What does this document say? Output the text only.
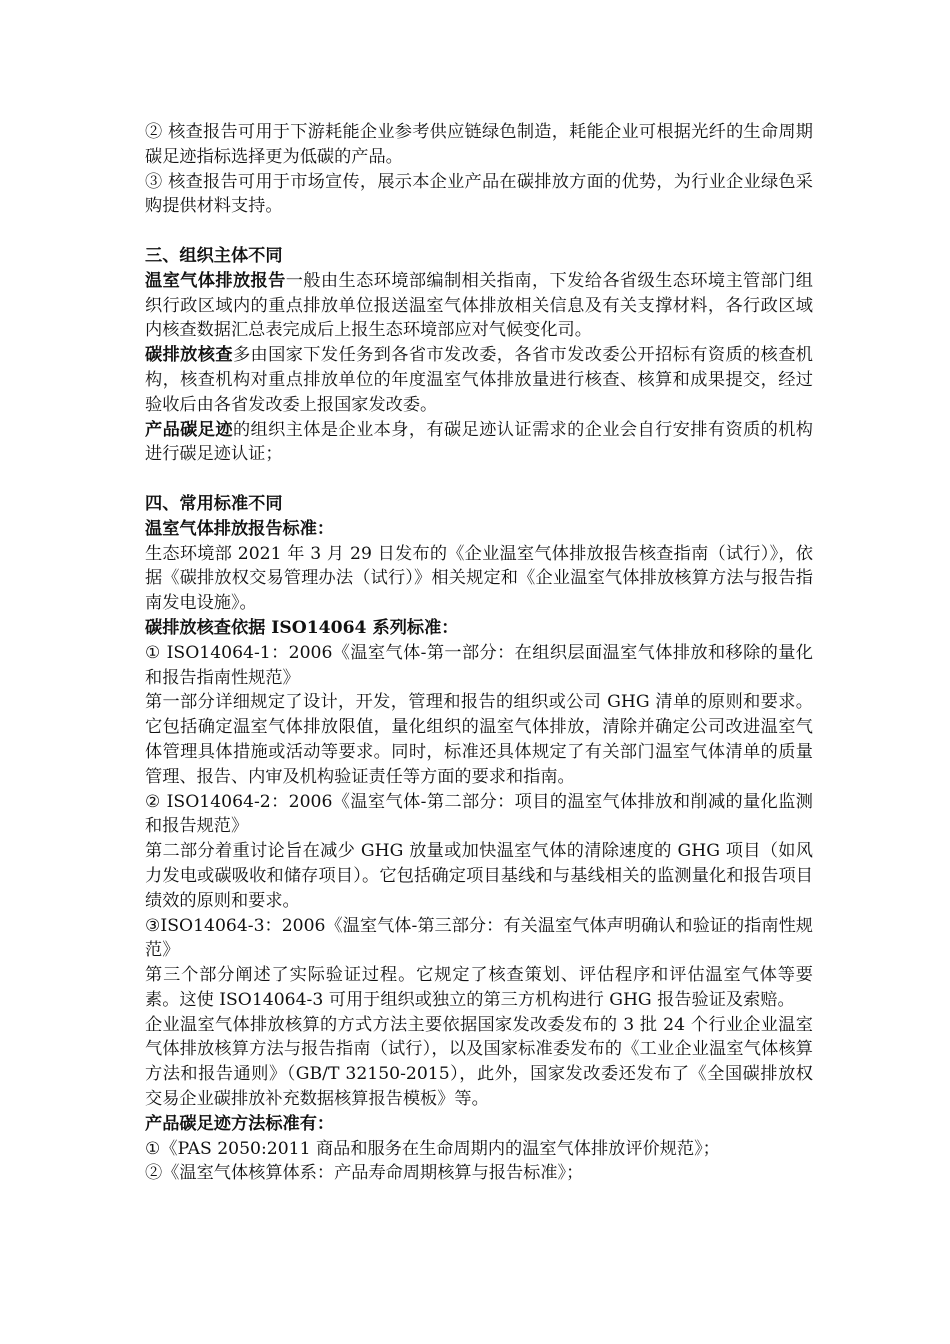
② 核查报告可用于下游耗能企业参考供应链绿色制造，耗能企业可根据光纤的生命周期碳足迹指标选择更为低碳的产品。

③ 核查报告可用于市场宣传，展示本企业产品在碳排放方面的优势，为行业企业绿色采购提供材料支持。

三、组织主体不同

温室气体排放报告一般由生态环境部编制相关指南，下发给各省级生态环境主管部门组织行政区域内的重点排放单位报送温室气体排放相关信息及有关支撑材料，各行政区域内核查数据汇总表完成后上报生态环境部应对气候变化司。

碳排放核查多由国家下发任务到各省市发改委，各省市发改委公开招标有资质的核查机构，核查机构对重点排放单位的年度温室气体排放量进行核查、核算和成果提交，经过验收后由各省发改委上报国家发改委。

产品碳足迹的组织主体是企业本身，有碳足迹认证需求的企业会自行安排有资质的机构进行碳足迹认证；

四、常用标准不同

温室气体排放报告标准：

生态环境部 2021 年 3 月 29 日发布的《企业温室气体排放报告核查指南（试行）》，依据《碳排放权交易管理办法（试行）》相关规定和《企业温室气体排放核算方法与报告指南发电设施》。

碳排放核查依据 ISO14064 系列标准：

① ISO14064-1：2006《温室气体-第一部分：在组织层面温室气体排放和移除的量化和报告指南性规范》

第一部分详细规定了设计，开发，管理和报告的组织或公司 GHG 清单的原则和要求。它包括确定温室气体排放限值，量化组织的温室气体排放，清除并确定公司改进温室气体管理具体措施或活动等要求。同时，标准还具体规定了有关部门温室气体清单的质量管理、报告、内审及机构验证责任等方面的要求和指南。

② ISO14064-2：2006《温室气体-第二部分：项目的温室气体排放和削减的量化监测和报告规范》

第二部分着重讨论旨在减少 GHG 放量或加快温室气体的清除速度的 GHG 项目（如风力发电或碳吸收和储存项目）。它包括确定项目基线和与基线相关的监测量化和报告项目绩效的原则和要求。

③ISO14064-3：2006《温室气体-第三部分：有关温室气体声明确认和验证的指南性规范》

第三个部分阐述了实际验证过程。它规定了核查策划、评估程序和评估温室气体等要素。这使 ISO14064-3 可用于组织或独立的第三方机构进行 GHG 报告验证及索赔。

企业温室气体排放核算的方式方法主要依据国家发改委发布的 3 批 24 个行业企业温室气体排放核算方法与报告指南（试行），以及国家标准委发布的《工业企业温室气体核算方法和报告通则》（GB/T 32150-2015），此外，国家发改委还发布了《全国碳排放权交易企业碳排放补充数据核算报告模板》等。

产品碳足迹方法标准有：

①《PAS 2050:2011 商品和服务在生命周期内的温室气体排放评价规范》；

②《温室气体核算体系：产品寿命周期核算与报告标准》；
